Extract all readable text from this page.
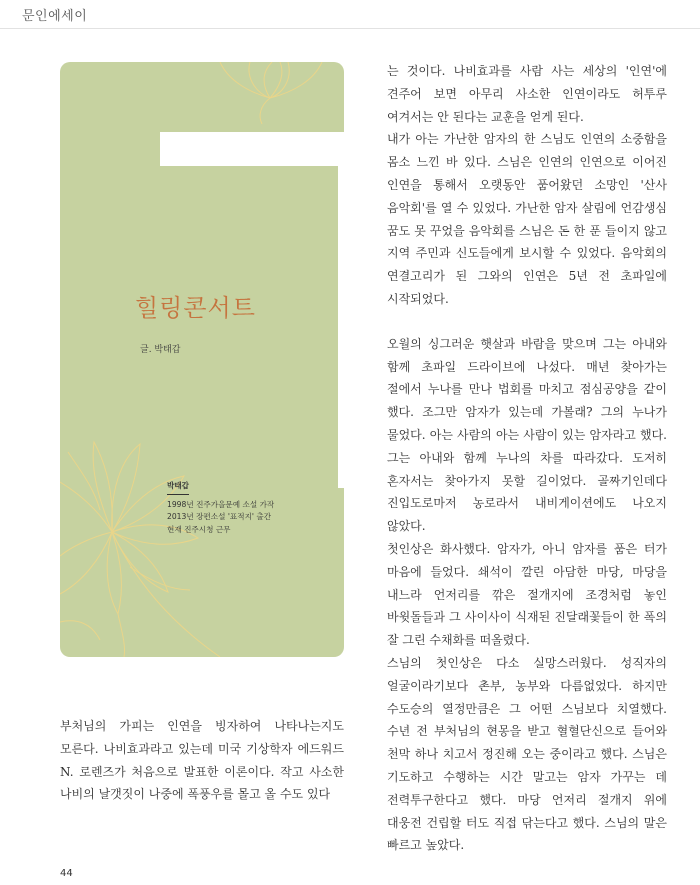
문인에세이
힐링콘서트
글. 박태갑
박태갑
1998년 진주가을문예 소설 가작
2013년 장편소설 '표적지' 출간
현재 진주시청 근무

부처님의 가피는 인연을 빙자하여 나타나는지도 모른다. 나비효과라고 있는데 미국 기상학자 에드워드 N. 로렌즈가 처음으로 발표한 이론이다. 작고 사소한 나비의 날갯짓이 나중에 폭풍우를 몰고 올 수도 있다

는 것이다. 나비효과를 사람 사는 세상의 '인연'에 견주어 보면 아무리 사소한 인연이라도 허투루 여겨서는 안 된다는 교훈을 얻게 된다.

내가 아는 가난한 암자의 한 스님도 인연의 소중함을 몸소 느낀 바 있다. 스님은 인연의 인연으로 이어진 인연을 통해서 오랫동안 품어왔던 소망인 '산사 음악회'를 열 수 있었다. 가난한 암자 살림에 언감생심 꿈도 못 꾸었을 음악회를 스님은 돈 한 푼 들이지 않고 지역 주민과 신도들에게 보시할 수 있었다. 음악회의 연결고리가 된 그와의 인연은 5년 전 초파일에 시작되었다.

오월의 싱그러운 햇살과 바람을 맞으며 그는 아내와 함께 초파일 드라이브에 나섰다. 매년 찾아가는 절에서 누나를 만나 법회를 마치고 점심공양을 같이 했다. 조그만 암자가 있는데 가볼래? 그의 누나가 물었다. 아는 사람의 아는 사람이 있는 암자라고 했다. 그는 아내와 함께 누나의 차를 따라갔다. 도저히 혼자서는 찾아가지 못할 길이었다. 골짜기인데다 진입도로마저 농로라서 내비게이션에도 나오지 않았다.

첫인상은 화사했다. 암자가, 아니 암자를 품은 터가 마음에 들었다. 쇄석이 깔린 아담한 마당, 마당을 내느라 언저리를 깎은 절개지에 조경처럼 놓인 바윗돌들과 그 사이사이 식재된 진달래꽃들이 한 폭의 잘 그린 수채화를 떠올렸다.

스님의 첫인상은 다소 실망스러웠다. 성직자의 얼굴이라기보다 촌부, 농부와 다름없었다. 하지만 수도승의 열정만큼은 그 어떤 스님보다 치열했다. 수년 전 부처님의 현몽을 받고 혈혈단신으로 들어와 천막 하나 치고서 정진해 오는 중이라고 했다. 스님은 기도하고 수행하는 시간 말고는 암자 가꾸는 데 전력투구한다고 했다. 마당 언저리 절개지 위에 대웅전 건립할 터도 직접 닦는다고 했다. 스님의 말은 빠르고 높았다.

44
